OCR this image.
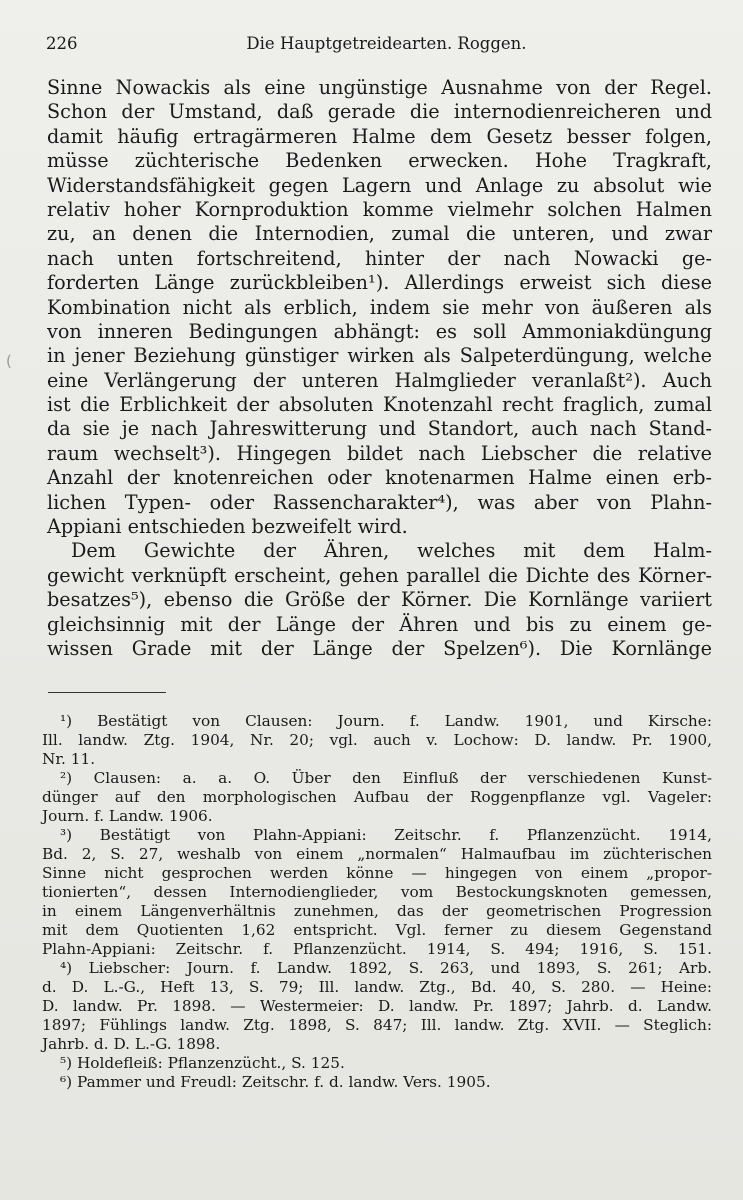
226	Die Hauptgetreidearten. Roggen.
(
Sinne Nowackis als eine ungünstige Ausnahme von der Regel.
Schon der Umstand, daß gerade die internodienreicheren und
damit häufig ertragärmeren Halme dem Gesetz besser folgen,
müsse züchterische Bedenken erwecken. Hohe Tragkraft,
Widerstandsfähigkeit gegen Lagern und Anlage zu absolut wie
relativ hoher Kornproduktion komme vielmehr solchen Halmen
zu, an denen die Internodien, zumal die unteren, und zwar
nach unten fortschreitend, hinter der nach Nowacki ge-
forderten Länge zurückbleiben¹). Allerdings erweist sich diese
Kombination nicht als erblich, indem sie mehr von äußeren als
von inneren Bedingungen abhängt: es soll Ammoniakdüngung
in jener Beziehung günstiger wirken als Salpeterdüngung, welche
eine Verlängerung der unteren Halmglieder veranlaßt²). Auch
ist die Erblichkeit der absoluten Knotenzahl recht fraglich, zumal
da sie je nach Jahreswitterung und Standort, auch nach Stand-
raum wechselt³). Hingegen bildet nach Liebscher die relative
Anzahl der knotenreichen oder knotenarmen Halme einen erb-
lichen Typen- oder Rassencharakter⁴), was aber von Plahn-
Appiani entschieden bezweifelt wird.
Dem Gewichte der Ähren, welches mit dem Halm-
gewicht verknüpft erscheint, gehen parallel die Dichte des Körner-
besatzes⁵), ebenso die Größe der Körner. Die Kornlänge variiert
gleichsinnig mit der Länge der Ähren und bis zu einem ge-
wissen Grade mit der Länge der Spelzen⁶). Die Kornlänge
¹) Bestätigt von Clausen: Journ. f. Landw. 1901, und Kirsche:
Ill. landw. Ztg. 1904, Nr. 20; vgl. auch v. Lochow: D. landw. Pr. 1900,
Nr. 11.
²) Clausen: a. a. O. Über den Einfluß der verschiedenen Kunst-
dünger auf den morphologischen Aufbau der Roggenpflanze vgl. Vageler:
Journ. f. Landw. 1906.
³) Bestätigt von Plahn-Appiani: Zeitschr. f. Pflanzenzücht. 1914,
Bd. 2, S. 27, weshalb von einem „normalen“ Halmaufbau im züchterischen
Sinne nicht gesprochen werden könne — hingegen von einem „propor-
tionierten“, dessen Internodienglieder, vom Bestockungsknoten gemessen,
in einem Längenverhältnis zunehmen, das der geometrischen Progression
mit dem Quotienten 1,62 entspricht. Vgl. ferner zu diesem Gegenstand
Plahn-Appiani: Zeitschr. f. Pflanzenzücht. 1914, S. 494; 1916, S. 151.
⁴) Liebscher: Journ. f. Landw. 1892, S. 263, und 1893, S. 261; Arb.
d. D. L.-G., Heft 13, S. 79; Ill. landw. Ztg., Bd. 40, S. 280. — Heine:
D. landw. Pr. 1898. — Westermeier: D. landw. Pr. 1897; Jahrb. d. Landw.
1897; Fühlings landw. Ztg. 1898, S. 847; Ill. landw. Ztg. XVII. — Steglich:
Jahrb. d. D. L.-G. 1898.
⁵) Holdefleiß: Pflanzenzücht., S. 125.
⁶) Pammer und Freudl: Zeitschr. f. d. landw. Vers. 1905.
